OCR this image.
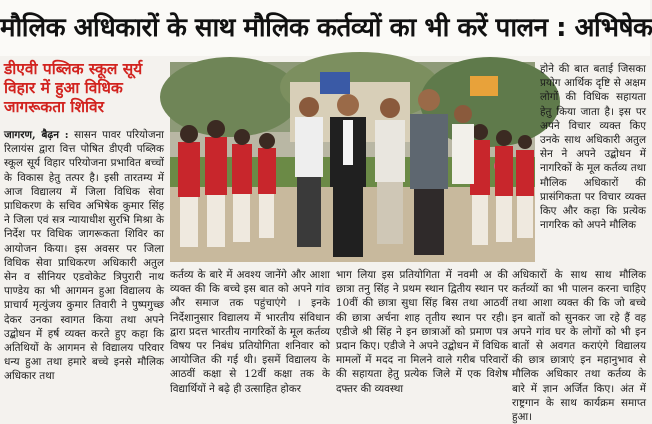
मौलिक अधिकारों के साथ मौलिक कर्तव्यों का भी करें पालन : अभिषेक
डीएवी पब्लिक स्कूल सूर्य विहार में हुआ विधिक जागरूकता शिविर

जागरण, बैढ़न : सासन पावर परियोजना रिलायंस द्वारा वित्त पोषित डीएवी पब्लिक स्कूल सूर्य विहार परियोजना प्रभावित बच्चों के विकास हेतु तत्पर है। इसी तारतम्य में आज विद्यालय में जिला विधिक सेवा प्राधिकरण के सचिव अभिषेक कुमार सिंह ने जिला एवं सत्र न्यायाधीश सुरभि मिश्रा के निर्देश पर विधिक जागरूकता शिविर का आयोजन किया। इस अवसर पर जिला विधिक सेवा प्राधिकरण अधिकारी अतुल सेन व सीनियर एडवोकेट त्रिपुरारी नाथ पाण्डेय का भी आगमन हुआ विद्यालय के प्राचार्य मृत्युंजय कुमार तिवारी ने पुष्पगुच्छ देकर उनका स्वागत किया तथा अपने उद्बोधन में हर्ष व्यक्त करते हुए कहा कि अतिथियों के आगमन से विद्यालय परिवार धन्य हुआ तथा हमारे बच्चे इनसे मौलिक अधिकार तथा

कर्तव्य के बारे में अवश्य जानेंगे और आशा व्यक्त की कि बच्चे इस बात को अपने गांव और समाज तक पहुंचाएंगे । इनके निर्देशानुसार विद्यालय में भारतीय संविधान द्वारा प्रदत्त भारतीय नागरिकों के मूल कर्तव्य विषय पर निबंध प्रतियोगिता शनिवार को आयोजित की गई थी। इसमें विद्यालय के आठवीं कक्षा से 12वीं कक्षा तक के विद्यार्थियों ने बढ़े ही उत्साहित होकर

भाग लिया इस प्रतियोगिता में नवमी अ की छात्रा तनु सिंह ने प्रथम स्थान द्वितीय स्थान पर 10वीं की छात्रा सुधा सिंह बिस तथा आठवीं की छात्रा अर्चना शाह तृतीय स्थान पर रही। एडीजे श्री सिंह ने इन छात्राओं को प्रमाण पत्र प्रदान किए। एडीजे ने अपने उद्बोधन में विधिक मामलों में मदद ना मिलने वाले गरीब परिवारों की सहायता हेतु प्रत्येक जिले में एक विशेष दफ्तर की व्यवस्था

होने की बात बताई जिसका प्रयोग आर्थिक दृष्टि से अक्षम लोगों की विधिक सहायता हेतु किया जाता है। इस पर अपने विचार व्यक्त किए उनके साथ अधिकारी अतुल सेन ने अपने उद्बोधन में नागरिकों के मूल कर्तव्य तथा मौलिक अधिकारों की प्रासंगिकता पर विचार व्यक्त किए और कहा कि प्रत्येक नागरिक को अपने मौलिक

अधिकारों के साथ साथ मौलिक कर्तव्यों का भी पालन करना चाहिए तथा आशा व्यक्त की कि जो बच्चे इन बातों को सुनकर जा रहे हैं वह अपने गांव घर के लोगों को भी इन बातों से अवगत कराएंगे विद्यालय की छात्र छात्राएं इन महानुभाव से मौलिक अधिकार तथा कर्तव्य के बारे में ज्ञान अर्जित किए। अंत में राष्ट्रगान के साथ कार्यक्रम समाप्त हुआ।
